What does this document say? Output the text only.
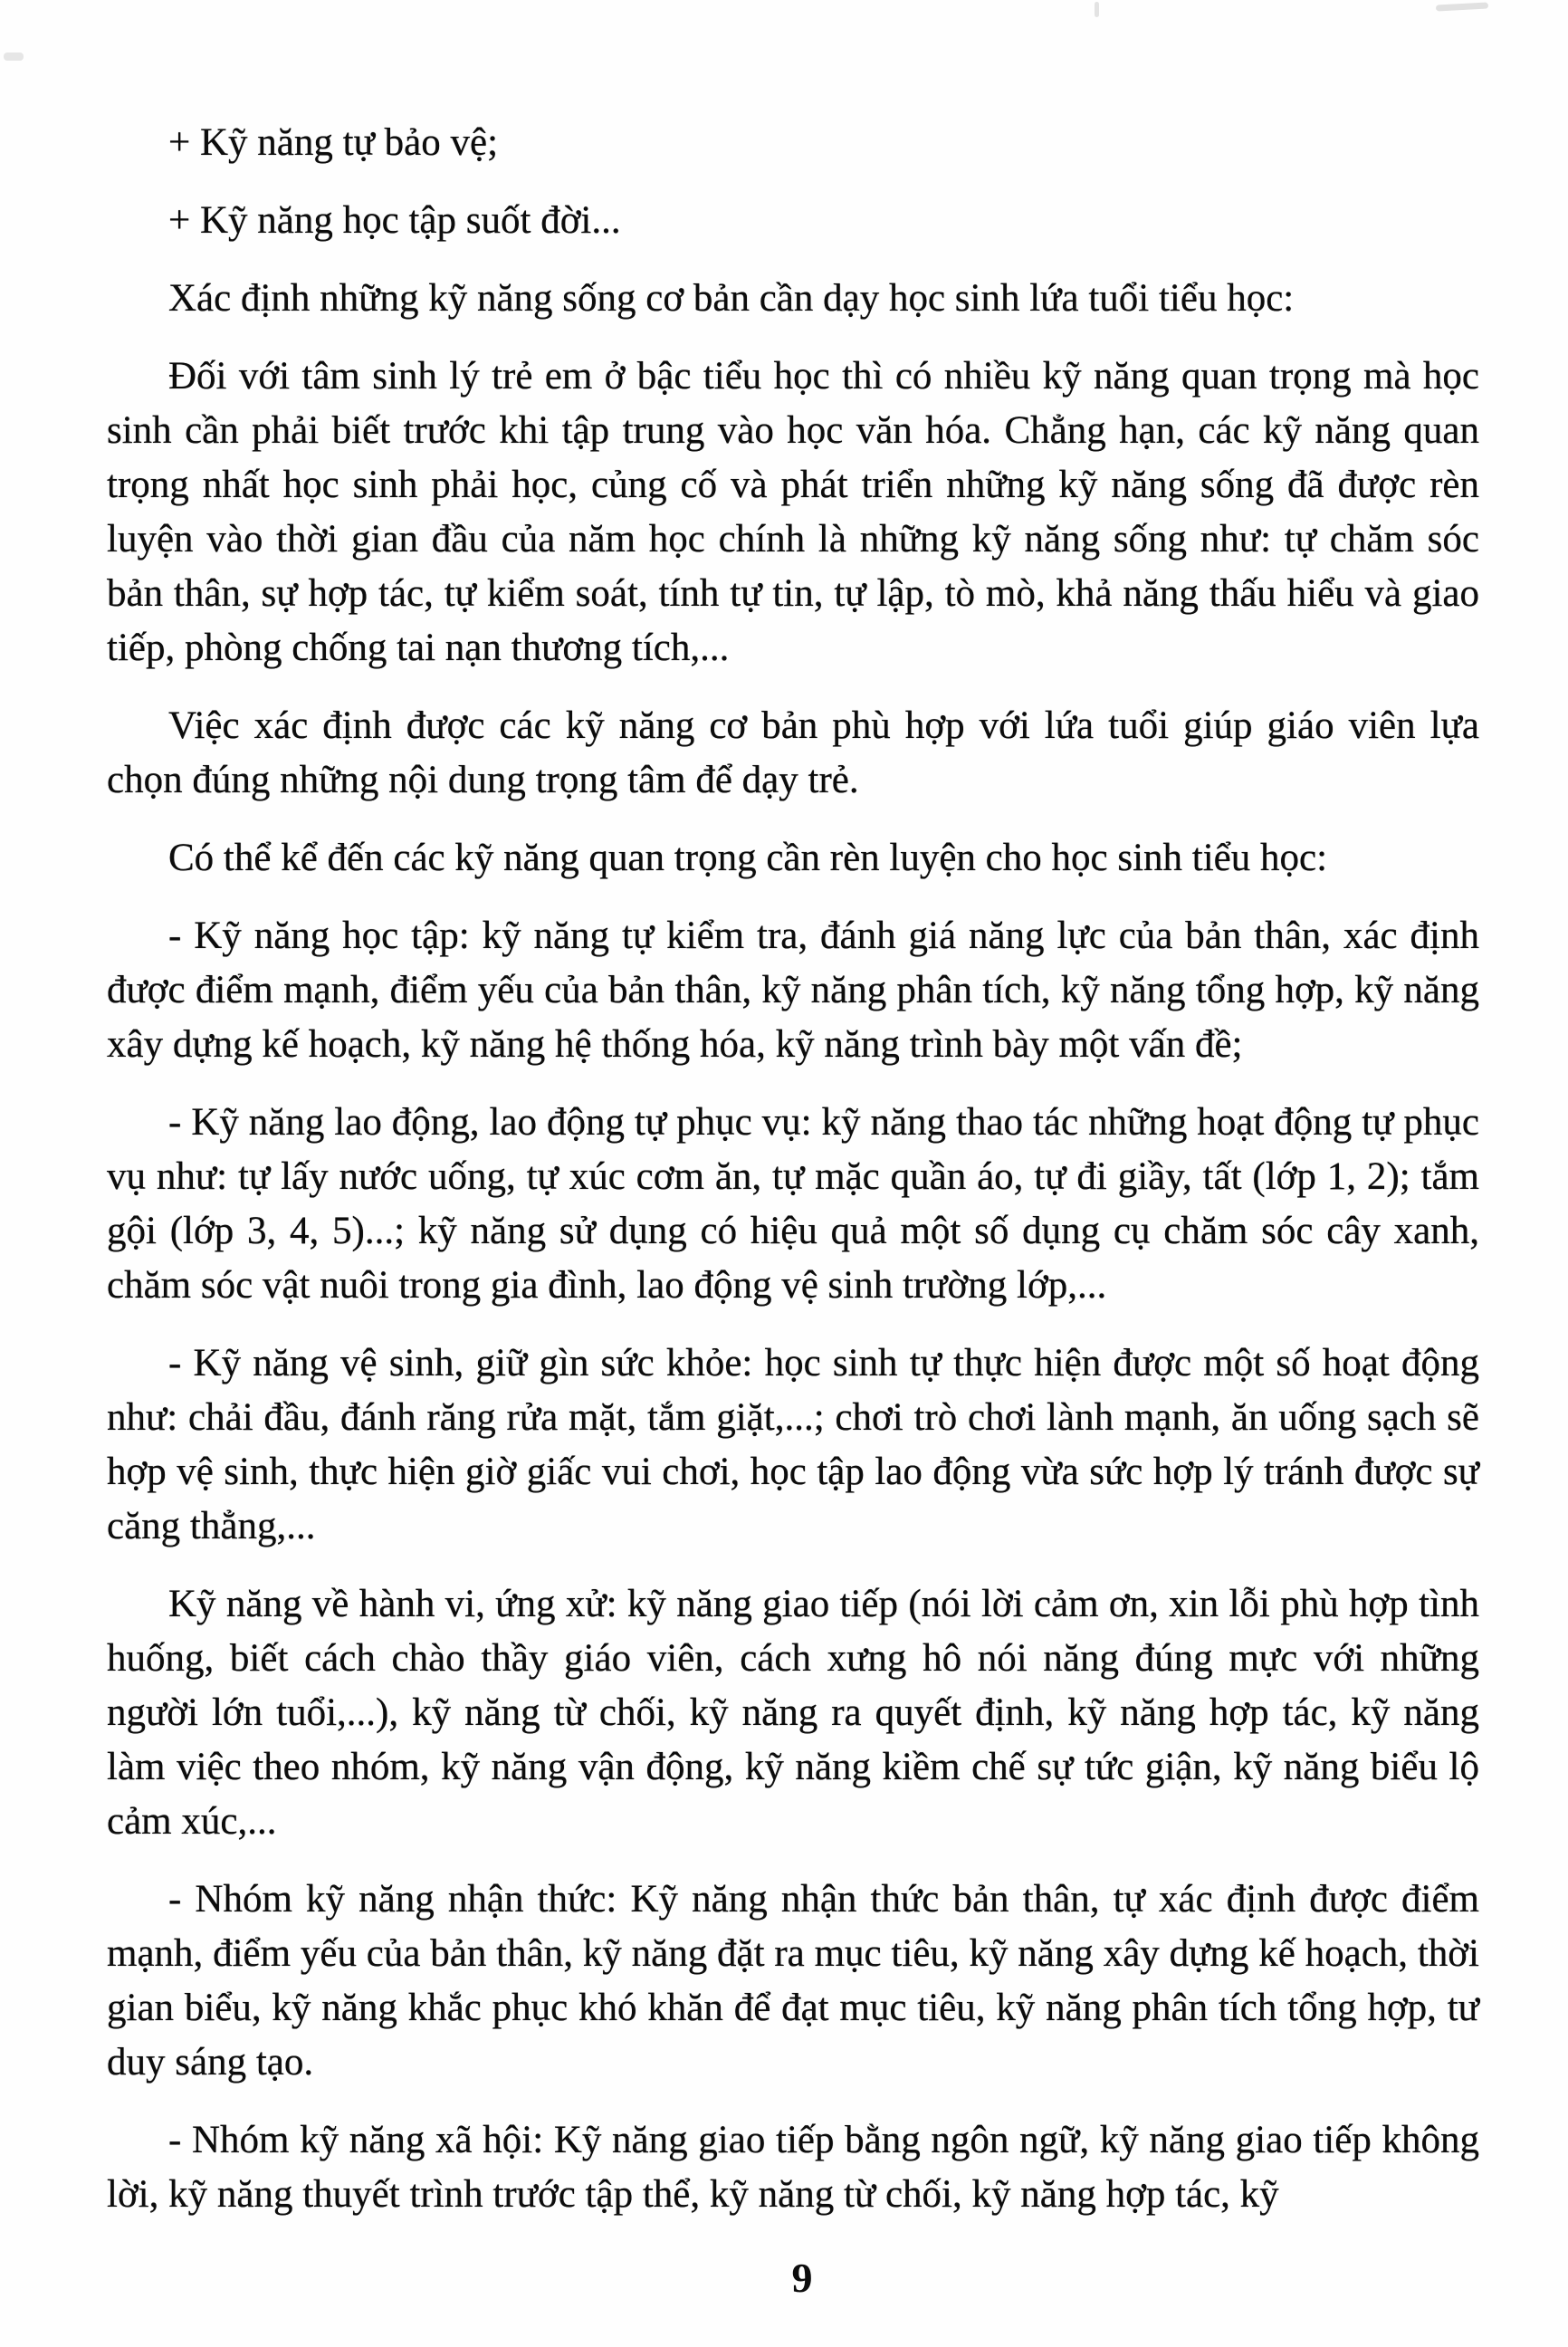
+ Kỹ năng tự bảo vệ;

+ Kỹ năng học tập suốt đời...

Xác định những kỹ năng sống cơ bản cần dạy học sinh lứa tuổi tiểu học:

Đối với tâm sinh lý trẻ em ở bậc tiểu học thì có nhiều kỹ năng quan trọng mà học sinh cần phải biết trước khi tập trung vào học văn hóa. Chẳng hạn, các kỹ năng quan trọng nhất học sinh phải học, củng cố và phát triển những kỹ năng sống đã được rèn luyện vào thời gian đầu của năm học chính là những kỹ năng sống như: tự chăm sóc bản thân, sự hợp tác, tự kiểm soát, tính tự tin, tự lập, tò mò, khả năng thấu hiểu và giao tiếp, phòng chống tai nạn thương tích,...

Việc xác định được các kỹ năng cơ bản phù hợp với lứa tuổi giúp giáo viên lựa chọn đúng những nội dung trọng tâm để dạy trẻ.

Có thể kể đến các kỹ năng quan trọng cần rèn luyện cho học sinh tiểu học:

- Kỹ năng học tập: kỹ năng tự kiểm tra, đánh giá năng lực của bản thân, xác định được điểm mạnh, điểm yếu của bản thân, kỹ năng phân tích, kỹ năng tổng hợp, kỹ năng xây dựng kế hoạch, kỹ năng hệ thống hóa, kỹ năng trình bày một vấn đề;

- Kỹ năng lao động, lao động tự phục vụ: kỹ năng thao tác những hoạt động tự phục vụ như: tự lấy nước uống, tự xúc cơm ăn, tự mặc quần áo, tự đi giầy, tất (lớp 1, 2); tắm gội (lớp 3, 4, 5)...; kỹ năng sử dụng có hiệu quả một số dụng cụ chăm sóc cây xanh, chăm sóc vật nuôi trong gia đình, lao động vệ sinh trường lớp,...

- Kỹ năng vệ sinh, giữ gìn sức khỏe: học sinh tự thực hiện được một số hoạt động như: chải đầu, đánh răng rửa mặt, tắm giặt,...; chơi trò chơi lành mạnh, ăn uống sạch sẽ hợp vệ sinh, thực hiện giờ giấc vui chơi, học tập lao động vừa sức hợp lý tránh được sự căng thẳng,...

Kỹ năng về hành vi, ứng xử: kỹ năng giao tiếp (nói lời cảm ơn, xin lỗi phù hợp tình huống, biết cách chào thầy giáo viên, cách xưng hô nói năng đúng mực với những người lớn tuổi,...), kỹ năng từ chối, kỹ năng ra quyết định, kỹ năng hợp tác, kỹ năng làm việc theo nhóm, kỹ năng vận động, kỹ năng kiềm chế sự tức giận, kỹ năng biểu lộ cảm xúc,...

- Nhóm kỹ năng nhận thức: Kỹ năng nhận thức bản thân, tự xác định được điểm mạnh, điểm yếu của bản thân, kỹ năng đặt ra mục tiêu, kỹ năng xây dựng kế hoạch, thời gian biểu, kỹ năng khắc phục khó khăn để đạt mục tiêu, kỹ năng phân tích tổng hợp, tư duy sáng tạo.

- Nhóm kỹ năng xã hội: Kỹ năng giao tiếp bằng ngôn ngữ, kỹ năng giao tiếp không lời, kỹ năng thuyết trình trước tập thể, kỹ năng từ chối, kỹ năng hợp tác, kỹ

9
